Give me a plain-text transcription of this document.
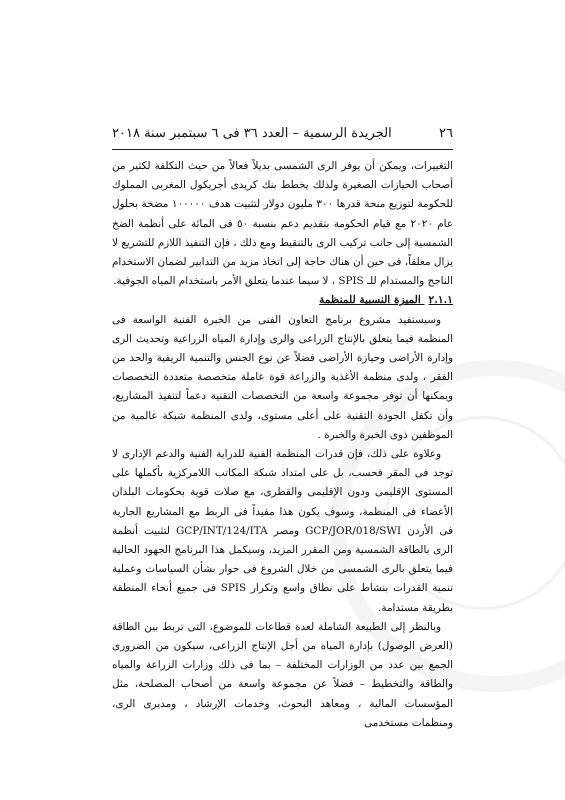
٢٦
الجريدة الرسمية – العدد ٣٦ فى ٦ سبتمبر سنة ٢٠١٨

التغييرات، ويمكن أن يوفر الرى الشمسى بديلاً فعالاً من حيث التكلفة لكثير من أصحاب الحيازات الصغيرة ولذلك يخطط بنك كريدى أجريكول المغربى المملوك للحكومة لتوزيع منحة قدرها ٣٠٠ مليون دولار لتثبيت هدف ١٠٠٠٠٠ مضخة بحلول عام ٢٠٢٠ مع قيام الحكومة بتقديم دعم بنسبة ٥٠ فى المائة على أنظمة الضخ الشمسية إلى جانب تركيب الرى بالتنقيط ومع ذلك ، فإن التنفيذ اللازم للتشريع لا يزال معلقاً، فى حين أن هناك حاجة إلى اتخاذ مزيد من التدابير لضمان الاستخدام الناجح والمستدام للـ SPIS ، لا سيما عندما يتعلق الأمر باستخدام المياه الجوفية.

٢.١.١ الميزة النسبية للمنظمة

وسيستفيد مشروع برنامج التعاون الفنى من الخبرة الفنية الواسعة فى المنظمة فيما يتعلق بالإنتاج الزراعى والرى وإدارة المياه الزراعية وتحديث الرى وإدارة الأراضى وحيازة الأراضى فضلاً عن نوع الجنس والتنمية الريفية والحد من الفقر ، ولدى منظمة الأغذية والزراعة قوة عاملة متخصصة متعددة التخصصات ويمكنها أن توفر مجموعة واسعة من التخصصات التقنية دعماً لتنفيذ المشاريع، وأن تكفل الجودة التقنية على أعلى مستوى، ولدى المنظمة شبكة عالمية من الموظفين ذوى الخبرة والخبرة .

وعلاوة على ذلك، فإن قدرات المنظمة الفنية للدراية الفنية والدعم الإدارى لا توجد فى المقر فحسب، بل على امتداد شبكة المكاتب اللامركزية بأكملها على المستوى الإقليمى ودون الإقليمى والقطرى، مع صلات قوية بحكومات البلدان الأعضاء فى المنظمة، وسوف يكون هذا مفيداً فى الربط مع المشاريع الجارية فى الأردن GCP/JOR/018/SWI ومصر GCP/INT/124/ITA لتثبيت أنظمة الرى بالطاقة الشمسية ومن المقرر المزيد، وسيكمل هذا البرنامج الجهود الحالية فيما يتعلق بالرى الشمسى من خلال الشروع فى حوار بشأن السياسات وعملية تنمية القدرات بنشاط على نطاق واسع وتكرار SPIS فى جميع أنحاء المنطقة بطريقة مستدامة.

وبالنظر إلى الطبيعة الشاملة لعدة قطاعات للموضوع، التى تربط بين الطاقة (العرض الوصول) بإدارة المياه من أجل الإنتاج الزراعى، سيكون من الضرورى الجمع بين عدد من الوزارات المختلفة – بما فى ذلك وزارات الزراعة والمياه والطاقة والتخطيط – فضلاً عن مجموعة واسعة من أصحاب المصلحة، مثل المؤسسات المالية ، ومعاهد البحوث، وخدمات الإرشاد ، ومديرى الرى، ومنظمات مستخدمى
